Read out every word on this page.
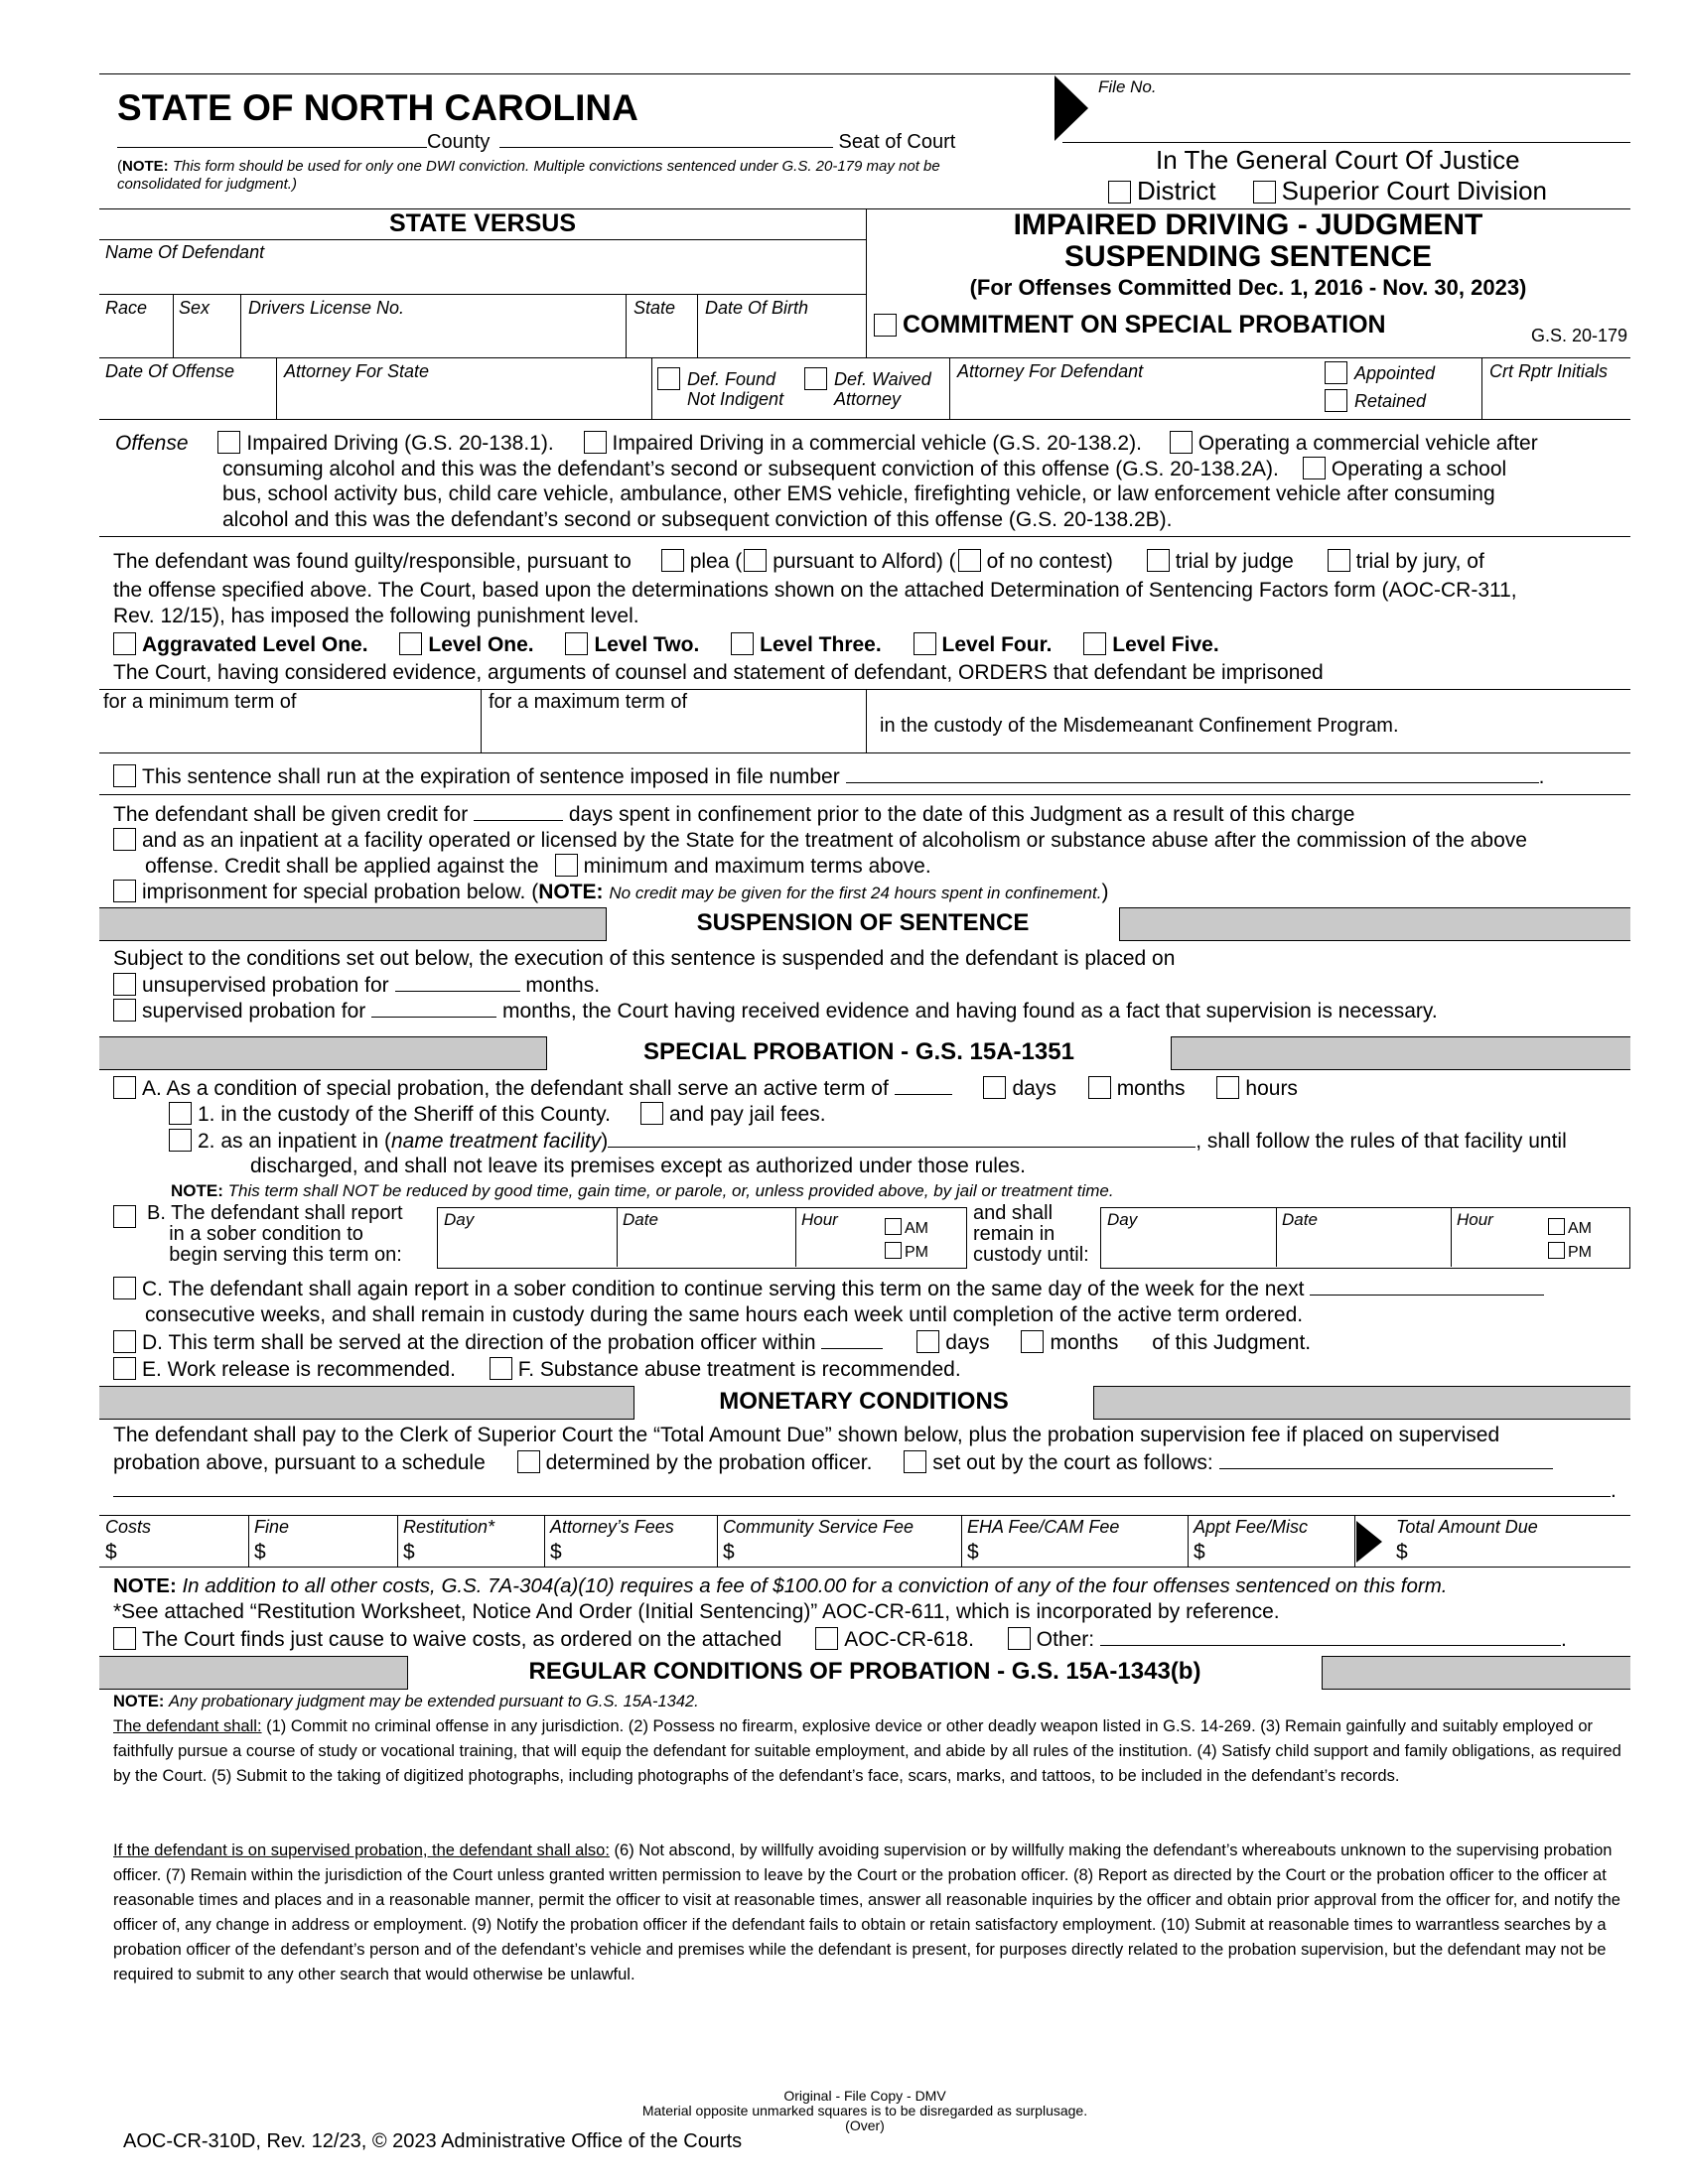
STATE OF NORTH CAROLINA
County	Seat of Court
(NOTE: This form should be used for only one DWI conviction. Multiple convictions sentenced under G.S. 20-179 may not be consolidated for judgment.)
File No.
In The General Court Of Justice
District	Superior Court Division
STATE VERSUS
Name Of Defendant
IMPAIRED DRIVING - JUDGMENT
SUSPENDING SENTENCE
(For Offenses Committed Dec. 1, 2016 - Nov. 30, 2023)
COMMITMENT ON SPECIAL PROBATION	G.S. 20-179
Race Sex Drivers License No.	State Date Of Birth
Date Of Offense	Attorney For State	Def. Found
Not Indigent
Def. Waived
Attorney
Attorney For Defendant	Appointed
Retained
Crt Rptr Initials
Offense	Impaired Driving (G.S. 20-138.1).	Impaired Driving in a commercial vehicle (G.S. 20-138.2).	Operating a commercial vehicle after
consuming alcohol and this was the defendant’s second or subsequent conviction of this offense (G.S. 20-138.2A).	Operating a school
bus, school activity bus, child care vehicle, ambulance, other EMS vehicle, firefighting vehicle, or law enforcement vehicle after consuming
alcohol and this was the defendant’s second or subsequent conviction of this offense (G.S. 20-138.2B).
The defendant was found guilty/responsible, pursuant to	plea ( pursuant to Alford) ( of no contest)	trial by judge	trial by jury, of
the offense specified above. The Court, based upon the determinations shown on the attached Determination of Sentencing Factors form (AOC-CR-311,
Rev. 12/15), has imposed the following punishment level.
Aggravated Level One.	Level One.	Level Two.	Level Three.	Level Four.	Level Five.
The Court, having considered evidence, arguments of counsel and statement of defendant, ORDERS that defendant be imprisoned
for a minimum term of	for a maximum term of
in the custody of the Misdemeanant Confinement Program.
This sentence shall run at the expiration of sentence imposed in file number	.
The defendant shall be given credit for	days spent in confinement prior to the date of this Judgment as a result of this charge
and as an inpatient at a facility operated or licensed by the State for the treatment of alcoholism or substance abuse after the commission of the above
offense. Credit shall be applied against the minimum and maximum terms above.
imprisonment for special probation below. (NOTE: No credit may be given for the first 24 hours spent in confinement.)
SUSPENSION OF SENTENCE
Subject to the conditions set out below, the execution of this sentence is suspended and the defendant is placed on
unsupervised probation for	months.
supervised probation for	months, the Court having received evidence and having found as a fact that supervision is necessary.
SPECIAL PROBATION - G.S. 15A-1351
A. As a condition of special probation, the defendant shall serve an active term of	days	months	hours
1. in the custody of the Sheriff of this County.	and pay jail fees.
2. as an inpatient in (name treatment facility)	, shall follow the rules of that facility until
discharged, and shall not leave its premises except as authorized under those rules.
NOTE: This term shall NOT be reduced by good time, gain time, or parole, or, unless provided above, by jail or treatment time.
B. The defendant shall report
in a sober condition to
begin serving this term on:
Day	Date	Hour	AM
PM
and shall
remain in
custody until:
Day	Date	Hour	AM
PM
C. The defendant shall again report in a sober condition to continue serving this term on the same day of the week for the next
consecutive weeks, and shall remain in custody during the same hours each week until completion of the active term ordered.
D. This term shall be served at the direction of the probation officer within	days	months of this Judgment.
E. Work release is recommended.	F. Substance abuse treatment is recommended.
MONETARY CONDITIONS
The defendant shall pay to the Clerk of Superior Court the “Total Amount Due” shown below, plus the probation supervision fee if placed on supervised
probation above, pursuant to a schedule	determined by the probation officer.	set out by the court as follows:
.
Costs	Fine	Restitution*	Attorney’s Fees	Community Service Fee	EHA Fee/CAM Fee	Appt Fee/Misc	Total Amount Due
$	$	$	$	$	$	$	$
NOTE: In addition to all other costs, G.S. 7A-304(a)(10) requires a fee of $100.00 for a conviction of any of the four offenses sentenced on this form.
*See attached “Restitution Worksheet, Notice And Order (Initial Sentencing)” AOC-CR-611, which is incorporated by reference.
The Court finds just cause to waive costs, as ordered on the attached	AOC-CR-618.	Other:	.
REGULAR CONDITIONS OF PROBATION - G.S. 15A-1343(b)
NOTE: Any probationary judgment may be extended pursuant to G.S. 15A-1342.
The defendant shall: (1) Commit no criminal offense in any jurisdiction. (2) Possess no firearm, explosive device or other deadly weapon listed in G.S. 14-269. (3) Remain gainfully and suitably employed or faithfully pursue a course of study or vocational training, that will equip the defendant for suitable employment, and abide by all rules of the institution. (4) Satisfy child support and family obligations, as required by the Court. (5) Submit to the taking of digitized photographs, including photographs of the defendant’s face, scars, marks, and tattoos, to be included in the defendant’s records.
If the defendant is on supervised probation, the defendant shall also: (6) Not abscond, by willfully avoiding supervision or by willfully making the defendant’s whereabouts unknown to the supervising probation officer. (7) Remain within the jurisdiction of the Court unless granted written permission to leave by the Court or the probation officer. (8) Report as directed by the Court or the probation officer to the officer at reasonable times and places and in a reasonable manner, permit the officer to visit at reasonable times, answer all reasonable inquiries by the officer and obtain prior approval from the officer for, and notify the officer of, any change in address or employment. (9) Notify the probation officer if the defendant fails to obtain or retain satisfactory employment. (10) Submit at reasonable times to warrantless searches by a probation officer of the defendant’s person and of the defendant’s vehicle and premises while the defendant is present, for purposes directly related to the probation supervision, but the defendant may not be required to submit to any other search that would otherwise be unlawful.
Original - File Copy - DMV
Material opposite unmarked squares is to be disregarded as surplusage.
(Over)
AOC-CR-310D, Rev. 12/23, © 2023 Administrative Office of the Courts
